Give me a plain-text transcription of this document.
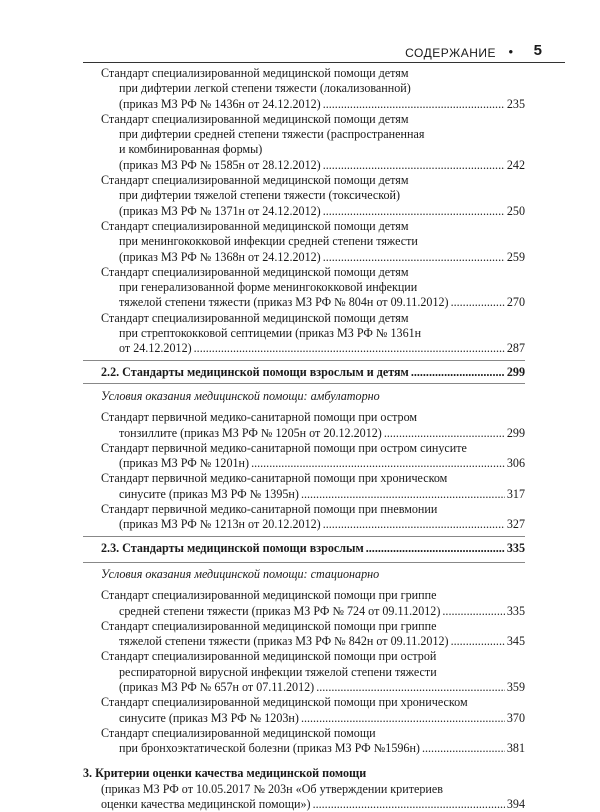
СОДЕРЖАНИЕ • 5
Стандарт специализированной медицинской помощи детям
при дифтерии легкой степени тяжести (локализованной)
(приказ МЗ РФ № 1436н от 24.12.2012) .....	235
Стандарт специализированной медицинской помощи детям
при дифтерии средней степени тяжести (распространенная
и комбинированная формы)
(приказ МЗ РФ № 1585н от 28.12.2012) .....	242
Стандарт специализированной медицинской помощи детям
при дифтерии тяжелой степени тяжести (токсической)
(приказ МЗ РФ № 1371н от 24.12.2012) .....	250
Стандарт специализированной медицинской помощи детям
при менингококковой инфекции средней степени тяжести
(приказ МЗ РФ № 1368н от 24.12.2012) .....	259
Стандарт специализированной медицинской помощи детям
при генерализованной форме менингококковой инфекции
тяжелой степени тяжести (приказ МЗ РФ № 804н от 09.11.2012) .....	270
Стандарт специализированной медицинской помощи детям
при стрептококковой септицемии (приказ МЗ РФ № 1361н
от 24.12.2012) .....	287
2.2. Стандарты медицинской помощи взрослым и детям .....	299
Условия оказания медицинской помощи: амбулаторно
Стандарт первичной медико-санитарной помощи при остром
тонзиллите (приказ МЗ РФ № 1205н от 20.12.2012) .....	299
Стандарт первичной медико-санитарной помощи при остром синусите
(приказ МЗ РФ № 1201н) .....	306
Стандарт первичной медико-санитарной помощи при хроническом
синусите (приказ МЗ РФ № 1395н) .....	317
Стандарт первичной медико-санитарной помощи при пневмонии
(приказ МЗ РФ № 1213н от 20.12.2012) .....	327
2.3. Стандарты медицинской помощи взрослым .....	335
Условия оказания медицинской помощи: стационарно
Стандарт специализированной медицинской помощи при гриппе
средней степени тяжести (приказ МЗ РФ № 724 от 09.11.2012) .....	335
Стандарт специализированной медицинской помощи при гриппе
тяжелой степени тяжести (приказ МЗ РФ № 842н от 09.11.2012) .....	345
Стандарт специализированной медицинской помощи при острой
респираторной вирусной инфекции тяжелой степени тяжести
(приказ МЗ РФ № 657н от 07.11.2012) .....	359
Стандарт специализированной медицинской помощи при хроническом
синусите (приказ МЗ РФ № 1203н) .....	370
Стандарт специализированной медицинской помощи
при бронхоэктатической болезни (приказ МЗ РФ №1596н) .....	381
3. Критерии оценки качества медицинской помощи
(приказ МЗ РФ от 10.05.2017 № 203н «Об утверждении критериев
оценки качества медицинской помощи») .....	394
